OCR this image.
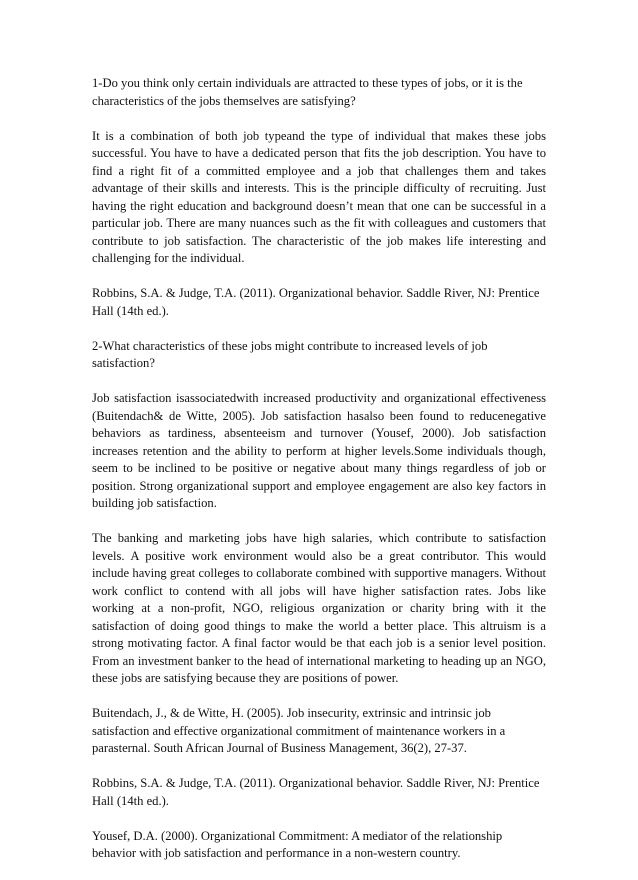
1-Do you think only certain individuals are attracted to these types of jobs, or it is the characteristics of the jobs themselves are satisfying?

It is a combination of both job typeand the type of individual that makes these jobs successful. You have to have a dedicated person that fits the job description. You have to find a right fit of a committed employee and a job that challenges them and takes advantage of their skills and interests. This is the principle difficulty of recruiting. Just having the right education and background doesn’t mean that one can be successful in a particular job. There are many nuances such as the fit with colleagues and customers that contribute to job satisfaction. The characteristic of the job makes life interesting and challenging for the individual.

Robbins, S.A. & Judge, T.A. (2011). Organizational behavior. Saddle River, NJ: Prentice Hall (14th ed.).

2-What characteristics of these jobs might contribute to increased levels of job satisfaction?

Job satisfaction isassociatedwith increased productivity and organizational effectiveness (Buitendach& de Witte, 2005). Job satisfaction hasalso been found to reducenegative behaviors as tardiness, absenteeism and turnover (Yousef, 2000). Job satisfaction increases retention and the ability to perform at higher levels.Some individuals though, seem to be inclined to be positive or negative about many things regardless of job or position. Strong organizational support and employee engagement are also key factors in building job satisfaction.

The banking and marketing jobs have high salaries, which contribute to satisfaction levels. A positive work environment would also be a great contributor. This would include having great colleges to collaborate combined with supportive managers. Without work conflict to contend with all jobs will have higher satisfaction rates. Jobs like working at a non-profit, NGO, religious organization or charity bring with it the satisfaction of doing good things to make the world a better place. This altruism is a strong motivating factor. A final factor would be that each job is a senior level position. From an investment banker to the head of international marketing to heading up an NGO, these jobs are satisfying because they are positions of power.

Buitendach, J., & de Witte, H. (2005). Job insecurity, extrinsic and intrinsic job satisfaction and effective organizational commitment of maintenance workers in a parasternal. South African Journal of Business Management, 36(2), 27-37.

Robbins, S.A. & Judge, T.A. (2011). Organizational behavior. Saddle River, NJ: Prentice Hall (14th ed.).

Yousef, D.A. (2000). Organizational Commitment: A mediator of the relationship behavior with job satisfaction and performance in a non-western country.
